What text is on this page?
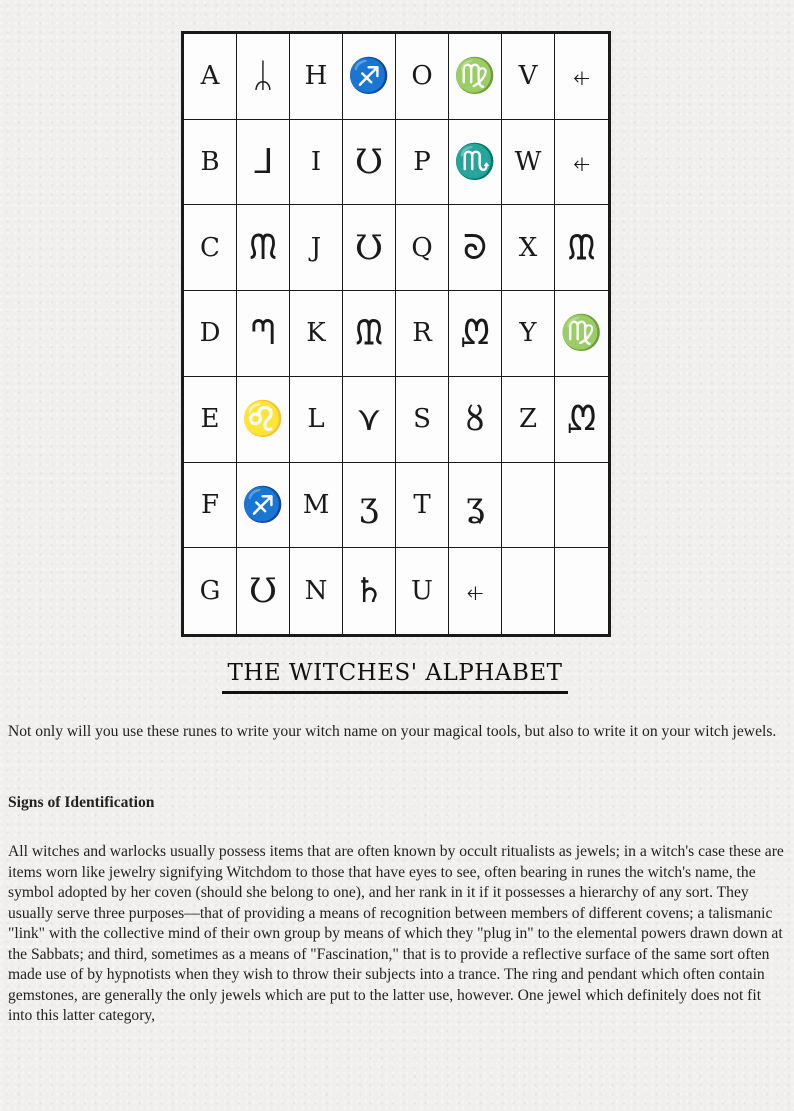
A ᛦ H ♐ O ♍ V ⍅
B ᒧ I Ʊ P ♏ W ⍅
C ᙏ J Ʊ Q ᘐ X ᙢ
D ᘉ K ᙢ R ᘻ Y ♍
E ♌ L ⋎ S ȣ Z ᘻ
F ♐ M ʒ T ʓ
G Ʊ N ♄ U ⍅
THE WITCHES' ALPHABET

Not only will you use these runes to write your witch name on your magical tools, but also to write it on your witch jewels.

Signs of Identification

All witches and warlocks usually possess items that are often known by occult ritualists as jewels; in a witch's case these are items worn like jewelry signifying Witchdom to those that have eyes to see, often bearing in runes the witch's name, the symbol adopted by her coven (should she belong to one), and her rank in it if it possesses a hierarchy of any sort. They usually serve three purposes—that of providing a means of recognition between members of different covens; a talismanic "link" with the collective mind of their own group by means of which they "plug in" to the elemental powers drawn down at the Sabbats; and third, sometimes as a means of "Fascination," that is to provide a reflective surface of the same sort often made use of by hypnotists when they wish to throw their subjects into a trance. The ring and pendant which often contain gemstones, are generally the only jewels which are put to the latter use, however. One jewel which definitely does not fit into this latter category,
